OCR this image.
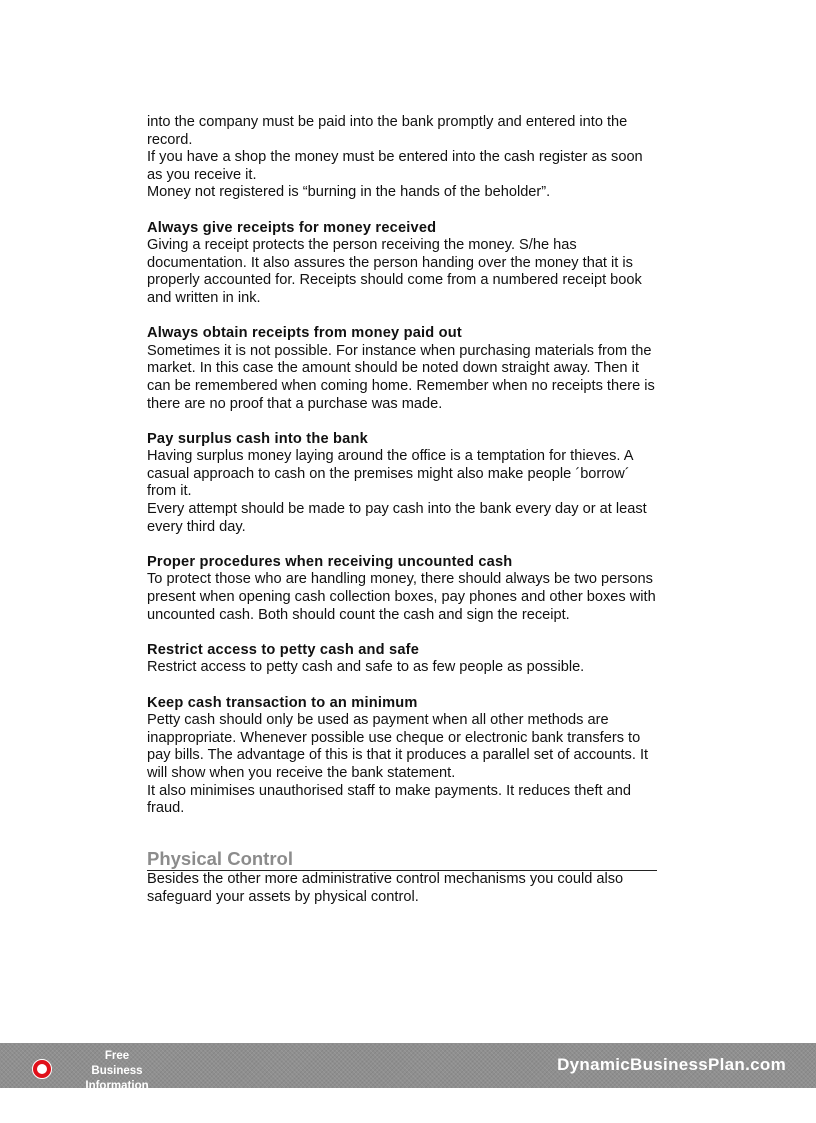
into the company must be paid into the bank promptly and entered into the record.

If you have a shop the money must be entered into the cash register as soon as you receive it.

Money not registered is “burning in the hands of the beholder”.

Always give receipts for money received

Giving a receipt protects the person receiving the money. S/he has documentation. It also assures the person handing over the money that it is properly accounted for. Receipts should come from a numbered receipt book and written in ink.

Always obtain receipts from money paid out

Sometimes it is not possible. For instance when purchasing materials from the market. In this case the amount should be noted down straight away. Then it can be remembered when coming home. Remember when no receipts there is there are no proof that a purchase was made.

Pay surplus cash into the bank

Having surplus money laying around the office is a temptation for thieves. A casual approach to cash on the premises might also make people ´borrow´ from it.

Every attempt should be made to pay cash into the bank every day or at least every third day.

Proper procedures when receiving uncounted cash

To protect those who are handling money, there should always be two persons present when opening cash collection boxes, pay phones and other boxes with uncounted cash. Both should count the cash and sign the receipt.

Restrict access to petty cash and safe

Restrict access to petty cash and safe to as few people as possible.

Keep cash transaction to an minimum

Petty cash should only be used as payment when all other methods are inappropriate. Whenever possible use cheque or electronic bank transfers to pay bills. The advantage of this is that it produces a parallel set of accounts. It will show when you receive the bank statement.

It also minimises unauthorised staff to make payments. It reduces theft and fraud.

Physical Control

Besides the other more administrative control mechanisms you could also safeguard your assets by physical control.

Free Business
Information
DynamicBusinessPlan.com
